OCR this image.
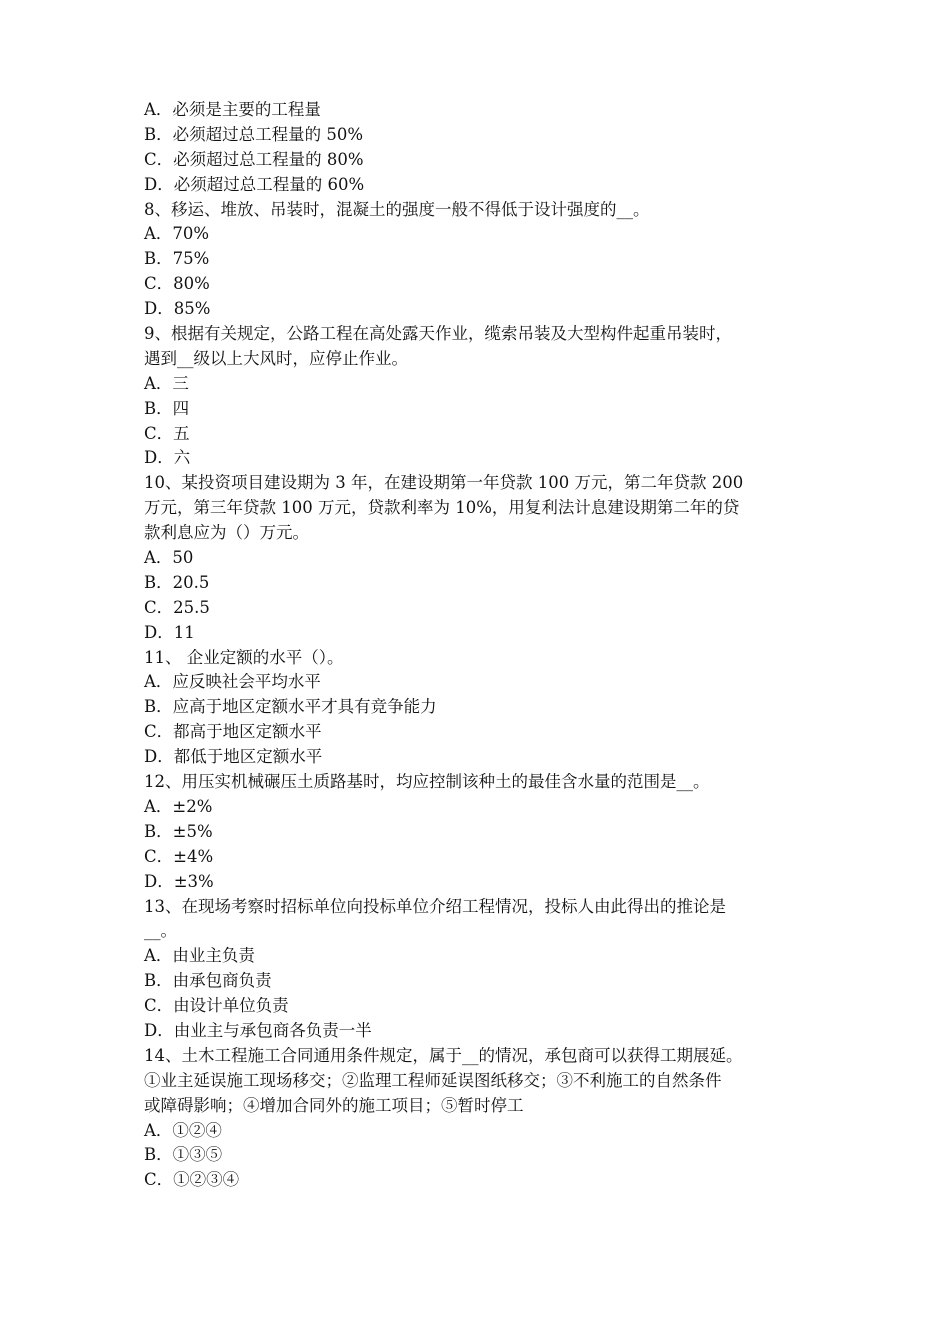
A．必须是主要的工程量
B．必须超过总工程量的 50%
C．必须超过总工程量的 80%
D．必须超过总工程量的 60%
8、移运、堆放、吊装时，混凝土的强度一般不得低于设计强度的__。
A．70%
B．75%
C．80%
D．85%
9、根据有关规定，公路工程在高处露天作业，缆索吊装及大型构件起重吊装时，
遇到__级以上大风时，应停止作业。
A．三
B．四
C．五
D．六
10、某投资项目建设期为 3 年，在建设期第一年贷款 100 万元，第二年贷款 200
万元，第三年贷款 100 万元，贷款利率为 10%，用复利法计息建设期第二年的贷
款利息应为（）万元。
A．50
B．20.5
C．25.5
D．11
11、 企业定额的水平（）。
A．应反映社会平均水平
B．应高于地区定额水平才具有竞争能力
C．都高于地区定额水平
D．都低于地区定额水平
12、用压实机械碾压土质路基时，均应控制该种土的最佳含水量的范围是__。
A．±2%
B．±5%
C．±4%
D．±3%
13、在现场考察时招标单位向投标单位介绍工程情况，投标人由此得出的推论是
__。
A．由业主负责
B．由承包商负责
C．由设计单位负责
D．由业主与承包商各负责一半
14、土木工程施工合同通用条件规定，属于__的情况，承包商可以获得工期展延。
①业主延误施工现场移交；②监理工程师延误图纸移交；③不利施工的自然条件
或障碍影响；④增加合同外的施工项目；⑤暂时停工
A．①②④
B．①③⑤
C．①②③④
